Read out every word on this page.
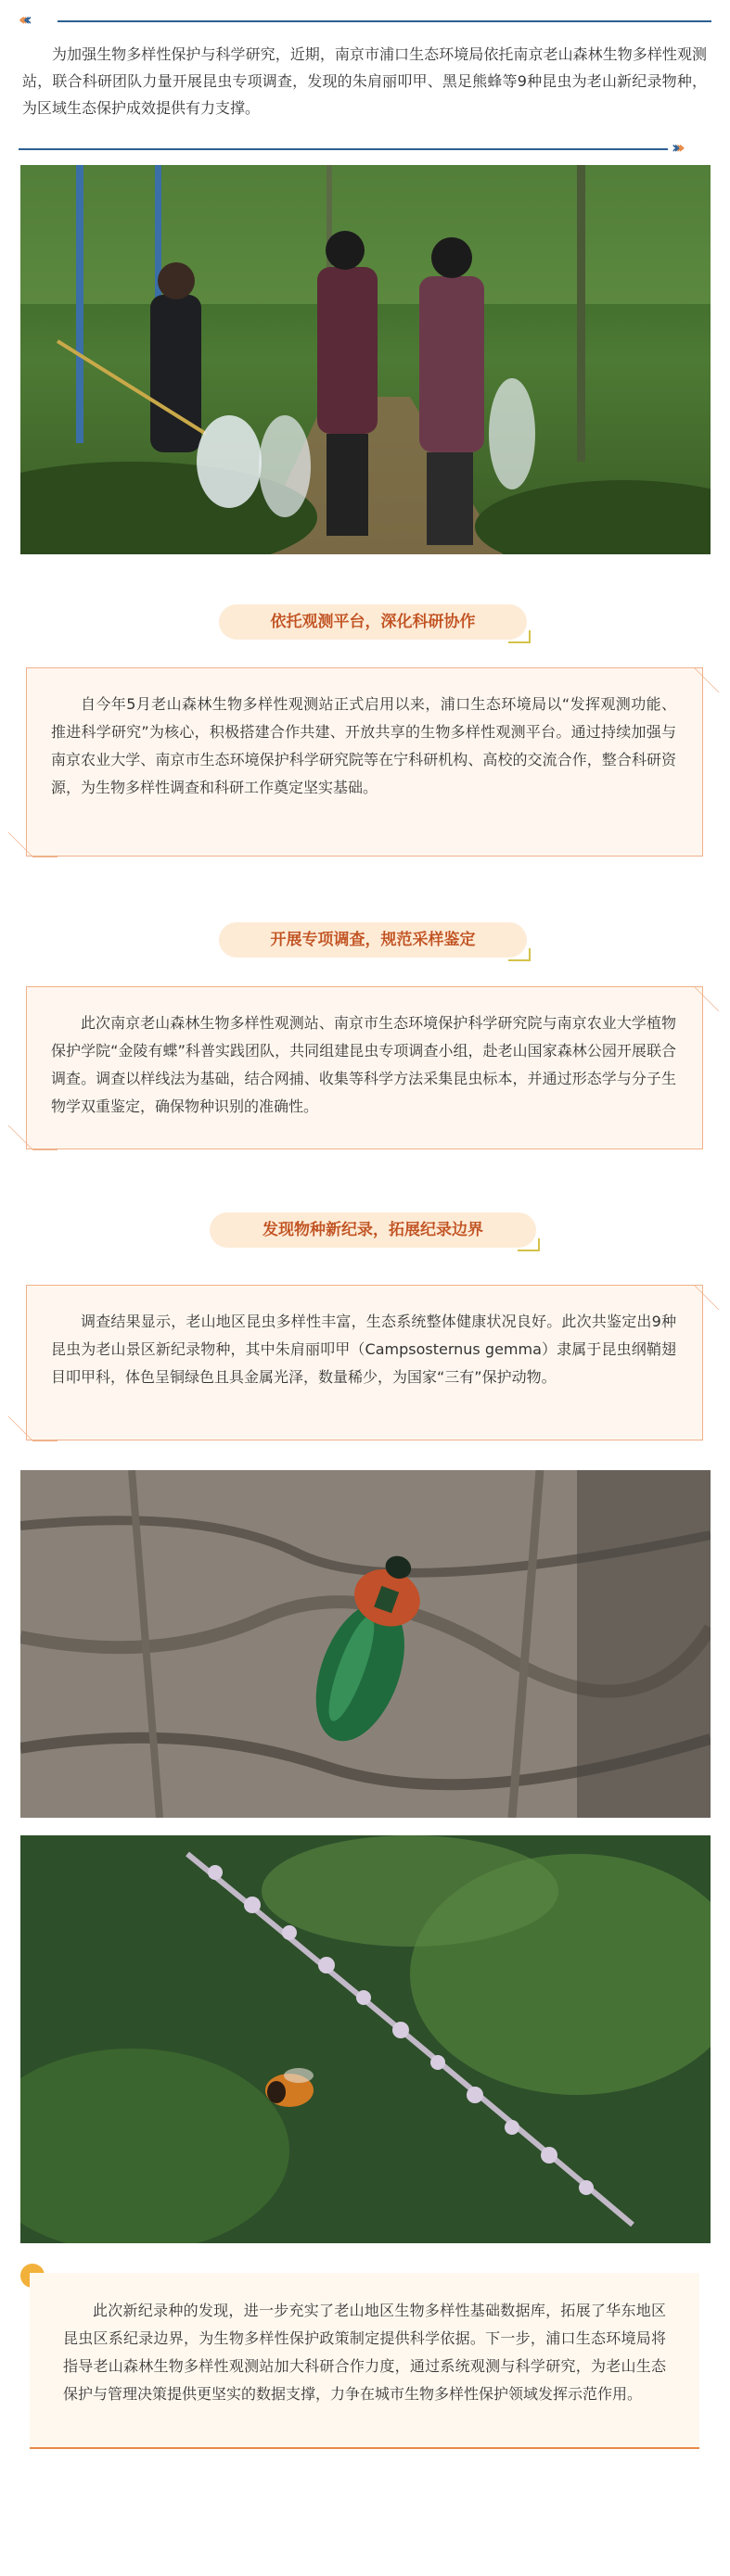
‹‹‹‹
为加强生物多样性保护与科学研究，近期，南京市浦口生态环境局依托南京老山森林生物多样性观测站，联合科研团队力量开展昆虫专项调查，发现的朱肩丽叩甲、黑足熊蜂等9种昆虫为老山新纪录物种，为区域生态保护成效提供有力支撑。
››››
依托观测平台，深化科研协作

自今年5月老山森林生物多样性观测站正式启用以来，浦口生态环境局以“发挥观测功能、推进科学研究”为核心，积极搭建合作共建、开放共享的生物多样性观测平台。通过持续加强与南京农业大学、南京市生态环境保护科学研究院等在宁科研机构、高校的交流合作，整合科研资源，为生物多样性调查和科研工作奠定坚实基础。

开展专项调查，规范采样鉴定

此次南京老山森林生物多样性观测站、南京市生态环境保护科学研究院与南京农业大学植物保护学院“金陵有蝶”科普实践团队，共同组建昆虫专项调查小组，赴老山国家森林公园开展联合调查。调查以样线法为基础，结合网捕、收集等科学方法采集昆虫标本，并通过形态学与分子生物学双重鉴定，确保物种识别的准确性。

发现物种新纪录，拓展纪录边界

调查结果显示，老山地区昆虫多样性丰富，生态系统整体健康状况良好。此次共鉴定出9种昆虫为老山景区新纪录物种，其中朱肩丽叩甲（Campsosternus gemma）隶属于昆虫纲鞘翅目叩甲科，体色呈铜绿色且具金属光泽，数量稀少，为国家“三有”保护动物。

此次新纪录种的发现，进一步充实了老山地区生物多样性基础数据库，拓展了华东地区昆虫区系纪录边界，为生物多样性保护政策制定提供科学依据。下一步，浦口生态环境局将指导老山森林生物多样性观测站加大科研合作力度，通过系统观测与科学研究，为老山生态保护与管理决策提供更坚实的数据支撑，力争在城市生物多样性保护领域发挥示范作用。
